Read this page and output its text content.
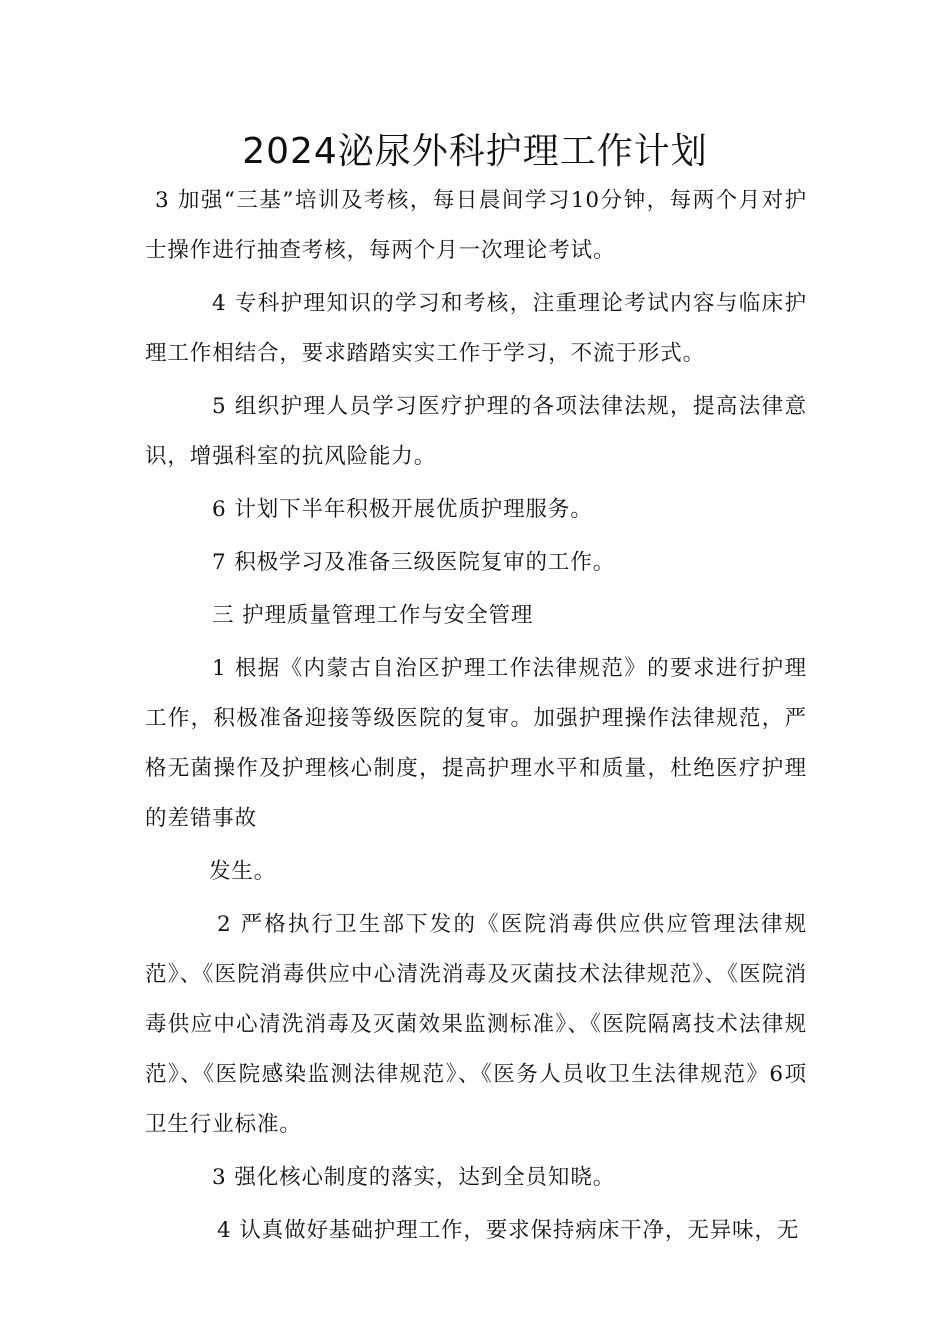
2024泌尿外科护理工作计划

3 加强“三基”培训及考核，每日晨间学习10分钟，每两个月对护士操作进行抽查考核，每两个月一次理论考试。

4 专科护理知识的学习和考核，注重理论考试内容与临床护理工作相结合，要求踏踏实实工作于学习，不流于形式。

5 组织护理人员学习医疗护理的各项法律法规，提高法律意识，增强科室的抗风险能力。

6 计划下半年积极开展优质护理服务。

7 积极学习及准备三级医院复审的工作。

三 护理质量管理工作与安全管理

1 根据《内蒙古自治区护理工作法律规范》的要求进行护理工作，积极准备迎接等级医院的复审。加强护理操作法律规范，严格无菌操作及护理核心制度，提高护理水平和质量，杜绝医疗护理的差错事故

发生。

2 严格执行卫生部下发的《医院消毒供应供应管理法律规范》、《医院消毒供应中心清洗消毒及灭菌技术法律规范》、《医院消毒供应中心清洗消毒及灭菌效果监测标准》、《医院隔离技术法律规范》、《医院感染监测法律规范》、《医务人员收卫生法律规范》6项卫生行业标准。

3 强化核心制度的落实，达到全员知晓。

4 认真做好基础护理工作，要求保持病床干净，无异味，无
